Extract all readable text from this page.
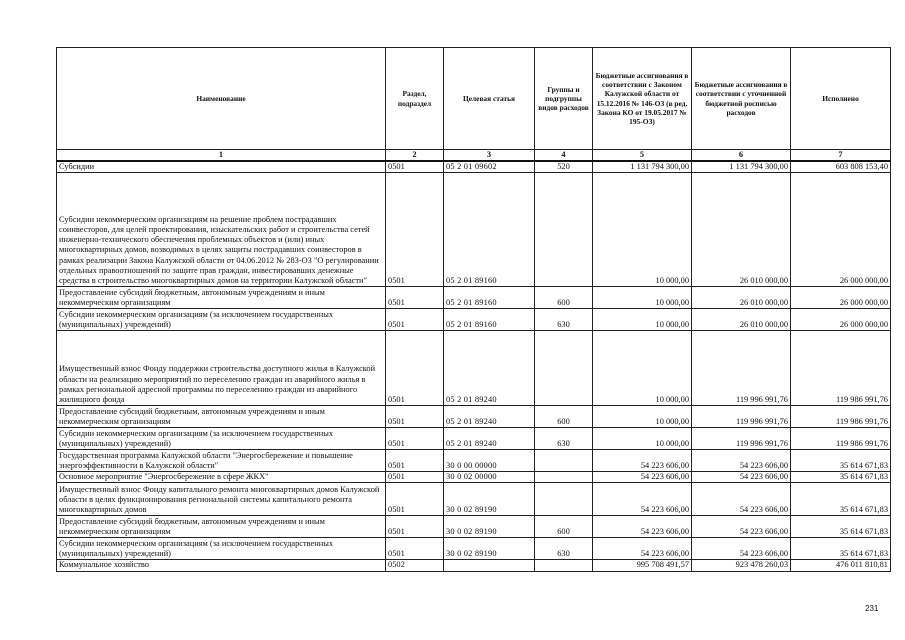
Наименование	Раздел, подраздел	Целевая статья	Группы и подгруппы видов расходов	Бюджетные ассигнования в соответствии с Законом Калужской области от 15.12.2016 № 146-ОЗ (в ред. Закона КО от 19.05.2017 № 195-ОЗ)	Бюджетные ассигнования в соответствии с уточненной бюджетной росписью расходов	Исполнено
1	2	3	4	5	6	7
Субсидии	0501	05 2 01 09602	520	1 131 794 300,00	1 131 794 300,00	603 808 153,40
Субсидии некоммерческим организациям на решение проблем пострадавших соинвесторов, для целей проектирования, изыскательских работ и строительства сетей инженерно-технического обеспечения проблемных объектов и (или) иных многоквартирных домов, возводимых в целях защиты пострадавших соинвесторов в рамках реализации Закона Калужской области от 04.06.2012 № 283-ОЗ "О регулировании отдельных правоотношений по защите прав граждан, инвестировавших денежные средства в строительство многоквартирных домов на территории Калужской области"	0501	05 2 01 89160		10 000,00	26 010 000,00	26 000 000,00
Предоставление субсидий бюджетным, автономным учреждениям и иным некоммерческим организациям	0501	05 2 01 89160	600	10 000,00	26 010 000,00	26 000 000,00
Субсидии некоммерческим организациям (за исключением государственных (муниципальных) учреждений)	0501	05 2 01 89160	630	10 000,00	26 010 000,00	26 000 000,00
Имущественный взнос Фонду поддержки строительства доступного жилья в Калужской области на реализацию мероприятий по переселению граждан из аварийного жилья в рамках региональной адресной программы по переселению граждан из аварийного жилищного фонда	0501	05 2 01 89240		10 000,00	119 996 991,76	119 986 991,76
Предоставление субсидий бюджетным, автономным учреждениям и иным некоммерческим организациям	0501	05 2 01 89240	600	10 000,00	119 996 991,76	119 986 991,76
Субсидии некоммерческим организациям (за исключением государственных (муниципальных) учреждений)	0501	05 2 01 89240	630	10 000,00	119 996 991,76	119 986 991,76
Государственная программа Калужской области "Энергосбережение и повышение энергоэффективности в Калужской области"	0501	30 0 00 00000		54 223 606,00	54 223 606,00	35 614 671,83
Основное мероприятие "Энергосбережение в сфере ЖКХ"	0501	30 0 02 00000		54 223 606,00	54 223 606,00	35 614 671,83
Имущественный взнос Фонду капитального ремонта многоквартирных домов Калужской области в целях функционирования региональной системы капитального ремонта многоквартирных домов	0501	30 0 02 89190		54 223 606,00	54 223 606,00	35 614 671,83
Предоставление субсидий бюджетным, автономным учреждениям и иным некоммерческим организациям	0501	30 0 02 89190	600	54 223 606,00	54 223 606,00	35 614 671,83
Субсидии некоммерческим организациям (за исключением государственных (муниципальных) учреждений)	0501	30 0 02 89190	630	54 223 606,00	54 223 606,00	35 614 671,83
Коммунальное хозяйство	0502			995 708 491,57	923 478 260,03	476 011 810,81
231
